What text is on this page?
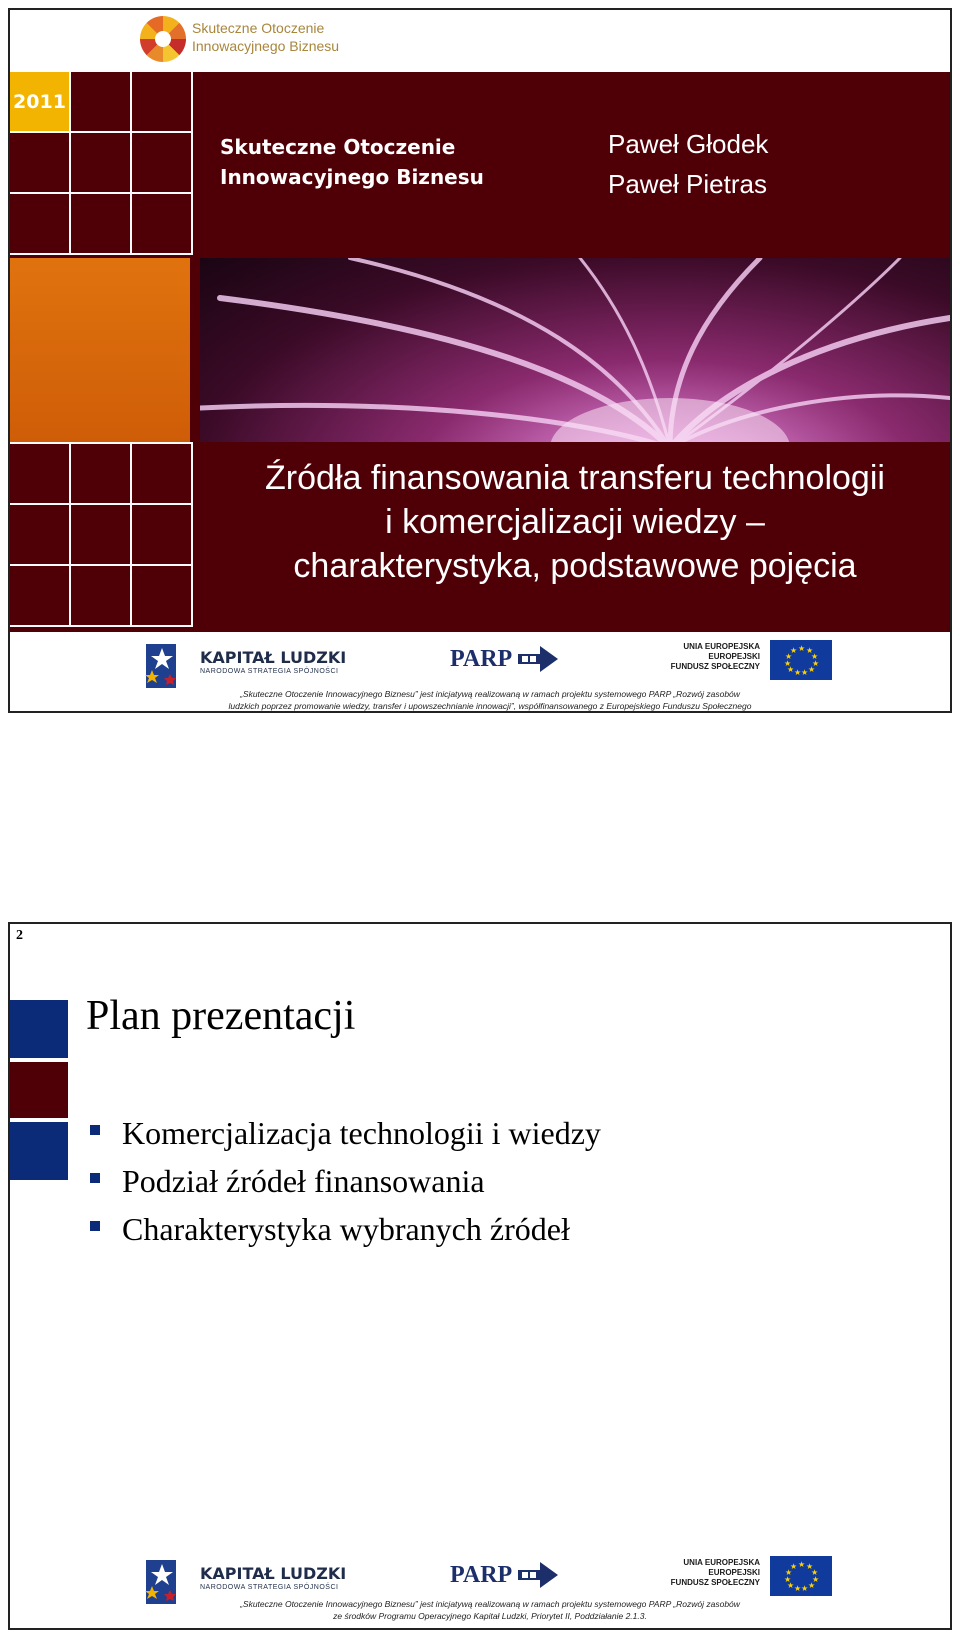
Skuteczne Otoczenie
Innowacyjnego Biznesu
2011
Skuteczne Otoczenie
Innowacyjnego Biznesu
Paweł Głodek
Paweł Pietras
Źródła finansowania transferu technologii
i komercjalizacji wiedzy –
charakterystyka, podstawowe pojęcia
KAPITAŁ LUDZKI
NARODOWA STRATEGIA SPÓJNOŚCI	PARP	UNIA EUROPEJSKA
EUROPEJSKI
FUNDUSZ SPOŁECZNY
★ ★
★
★
★
★
★
★
★
★
★
„Skuteczne Otoczenie Innowacyjnego Biznesu” jest inicjatywą realizowaną w ramach projektu systemowego PARP „Rozwój zasobów
ludzkich poprzez promowanie wiedzy, transfer i upowszechnianie innowacji”, współfinansowanego z Europejskiego Funduszu Społecznego
2
Plan prezentacji
Komercjalizacja technologii i wiedzy
Podział źródeł finansowania
Charakterystyka wybranych źródeł
KAPITAŁ LUDZKI
NARODOWA STRATEGIA SPÓJNOŚCI	PARP	UNIA EUROPEJSKA
EUROPEJSKI
FUNDUSZ SPOŁECZNY
★ ★
★
★
★
★
★
★
★
★
★
„Skuteczne Otoczenie Innowacyjnego Biznesu” jest inicjatywą realizowaną w ramach projektu systemowego PARP „Rozwój zasobów
ze środków Programu Operacyjnego Kapitał Ludzki, Priorytet II, Poddziałanie 2.1.3.
